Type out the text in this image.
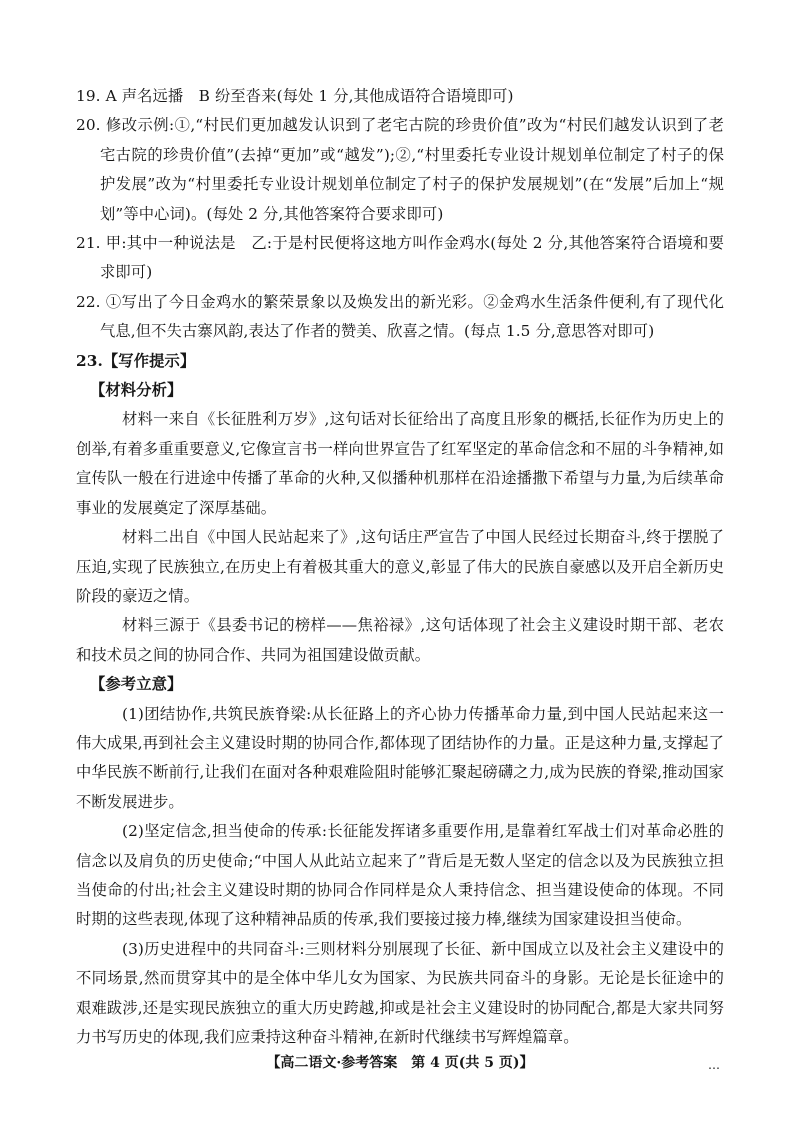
19. A 声名远播　B 纷至沓来(每处 1 分,其他成语符合语境即可)

20. 修改示例:①,“村民们更加越发认识到了老宅古院的珍贵价值”改为“村民们越发认识到了老宅古院的珍贵价值”(去掉“更加”或“越发”);②,“村里委托专业设计规划单位制定了村子的保护发展”改为“村里委托专业设计规划单位制定了村子的保护发展规划”(在“发展”后加上“规划”等中心词)。(每处 2 分,其他答案符合要求即可)

21. 甲:其中一种说法是　乙:于是村民便将这地方叫作金鸡水(每处 2 分,其他答案符合语境和要求即可)

22. ①写出了今日金鸡水的繁荣景象以及焕发出的新光彩。②金鸡水生活条件便利,有了现代化气息,但不失古寨风韵,表达了作者的赞美、欣喜之情。(每点 1.5 分,意思答对即可)

23.【写作提示】

【材料分析】

材料一来自《长征胜利万岁》,这句话对长征给出了高度且形象的概括,长征作为历史上的创举,有着多重重要意义,它像宣言书一样向世界宣告了红军坚定的革命信念和不屈的斗争精神,如宣传队一般在行进途中传播了革命的火种,又似播种机那样在沿途播撒下希望与力量,为后续革命事业的发展奠定了深厚基础。

材料二出自《中国人民站起来了》,这句话庄严宣告了中国人民经过长期奋斗,终于摆脱了压迫,实现了民族独立,在历史上有着极其重大的意义,彰显了伟大的民族自豪感以及开启全新历史阶段的豪迈之情。

材料三源于《县委书记的榜样——焦裕禄》,这句话体现了社会主义建设时期干部、老农和技术员之间的协同合作、共同为祖国建设做贡献。

【参考立意】

(1)团结协作,共筑民族脊梁:从长征路上的齐心协力传播革命力量,到中国人民站起来这一伟大成果,再到社会主义建设时期的协同合作,都体现了团结协作的力量。正是这种力量,支撑起了中华民族不断前行,让我们在面对各种艰难险阻时能够汇聚起磅礴之力,成为民族的脊梁,推动国家不断发展进步。

(2)坚定信念,担当使命的传承:长征能发挥诸多重要作用,是靠着红军战士们对革命必胜的信念以及肩负的历史使命;“中国人从此站立起来了”背后是无数人坚定的信念以及为民族独立担当使命的付出;社会主义建设时期的协同合作同样是众人秉持信念、担当建设使命的体现。不同时期的这些表现,体现了这种精神品质的传承,我们要接过接力棒,继续为国家建设担当使命。

(3)历史进程中的共同奋斗:三则材料分别展现了长征、新中国成立以及社会主义建设中的不同场景,然而贯穿其中的是全体中华儿女为国家、为民族共同奋斗的身影。无论是长征途中的艰难跋涉,还是实现民族独立的重大历史跨越,抑或是社会主义建设时的协同配合,都是大家共同努力书写历史的体现,我们应秉持这种奋斗精神,在新时代继续书写辉煌篇章。

【高二语文·参考答案　第 4 页(共 5 页)】	…
